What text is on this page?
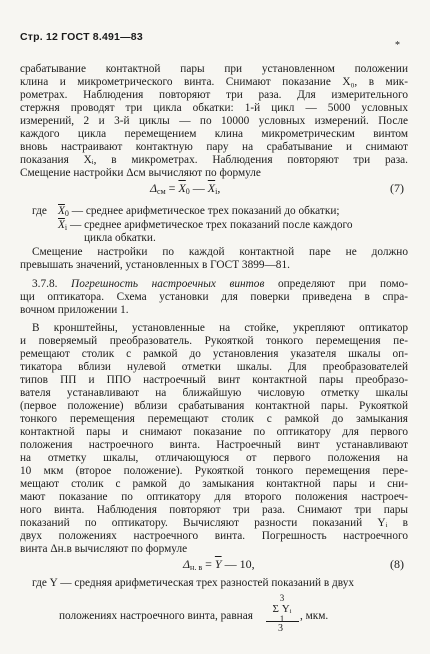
Стр. 12 ГОСТ 8.491—83
*
срабатывание контактной пары при установленном положении
клина и микрометрического винта. Снимают показание X₀, в мик-
рометрах. Наблюдения повторяют три раза. Для измерительного
стержня проводят три цикла обкатки: 1-й цикл — 5000 условных
измерений, 2 и 3-й циклы — по 10000 условных измерений. После
каждого цикла перемещением клина микрометрическим винтом
вновь настраивают контактную пару на срабатывание и снимают
показания Xᵢ, в микрометрах. Наблюдения повторяют три раза.
Смещение настройки Δсм вычисляют по формуле
$\Delta_{см} = \overline{X}_0$ — $\overline{X}_i$,	(7)
где $\overline{X}_0$ — среднее арифметическое трех показаний до обкатки;
$\overline{X}_i$ — среднее арифметическое трех показаний после каждого
цикла обкатки.
Смещение настройки по каждой контактной паре не должно
превышать значений, установленных в ГОСТ 3899—81.
3.7.8. Погрешность настроечных винтов определяют при помо-
щи оптикатора. Схема установки для поверки приведена в спра-
вочном приложении 1.
В кронштейны, установленные на стойке, укрепляют оптикатор
и поверяемый преобразователь. Рукояткой тонкого перемещения пе-
ремещают столик с рамкой до установления указателя шкалы оп-
тикатора вблизи нулевой отметки шкалы. Для преобразователей
типов ПП и ППО настроечный винт контактной пары преобразо-
вателя устанавливают на ближайшую числовую отметку шкалы
(первое положение) вблизи срабатывания контактной пары. Рукояткой
тонкого перемещения перемещают столик с рамкой до замыкания
контактной пары и снимают показание по оптикатору для первого
положения настроечного винта. Настроечный винт устанавливают
на отметку шкалы, отличающуюся от первого положения на
10 мкм (второе положение). Рукояткой тонкого перемещения пере-
мещают столик с рамкой до замыкания контактной пары и сни-
мают показание по оптикатору для второго положения настроеч-
ного винта. Наблюдения повторяют три раза. Снимают три пары
показаний по оптикатору. Вычисляют разности показаний Yᵢ в
двух положениях настроечного винта. Погрешность настроечного
винта Δн.в вычисляют по формуле
$\Delta_{н. в} = \overline{Y}$ — 10,	(8)
где Y — средняя арифметическая трех разностей показаний в двух
3
Σ Yᵢ
1
положениях настроечного винта, равная
3
, мкм.
